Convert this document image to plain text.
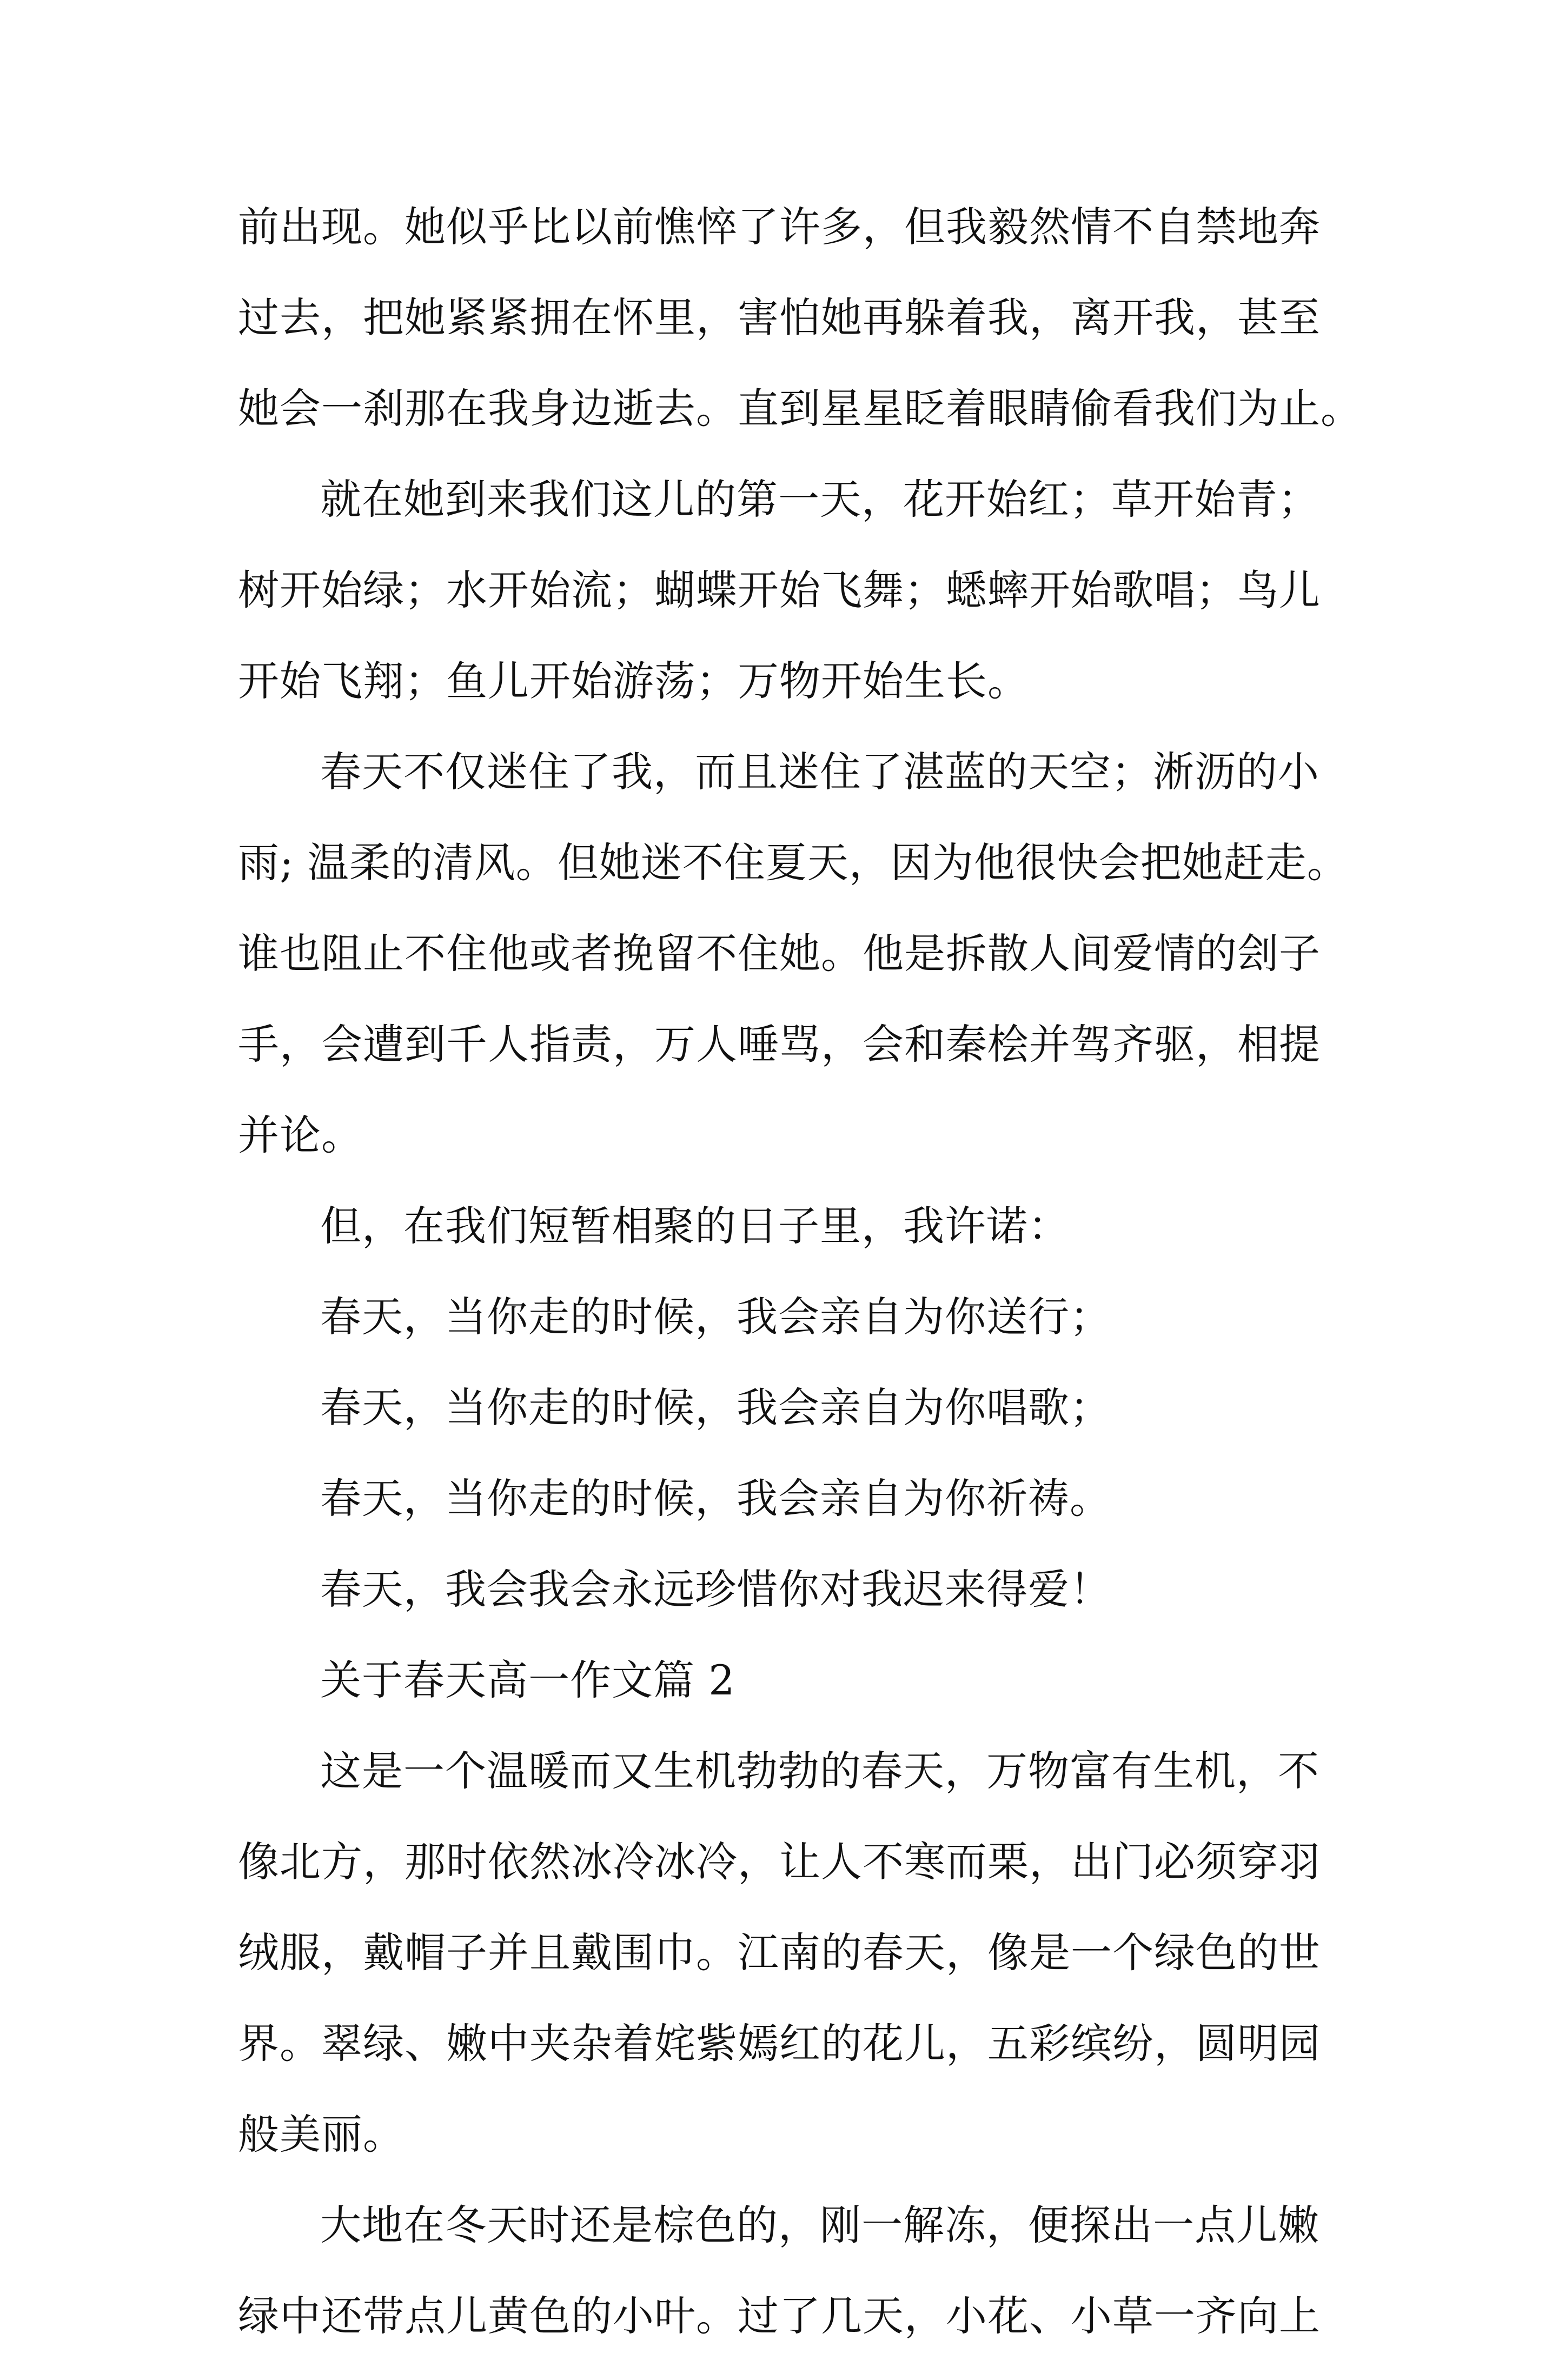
前出现。她似乎比以前憔悴了许多，但我毅然情不自禁地奔
过去，把她紧紧拥在怀里，害怕她再躲着我，离开我，甚至
她会一刹那在我身边逝去。直到星星眨着眼睛偷看我们为止。
就在她到来我们这儿的第一天，花开始红；草开始青；
树开始绿；水开始流；蝴蝶开始飞舞；蟋蟀开始歌唱；鸟儿
开始飞翔；鱼儿开始游荡；万物开始生长。
春天不仅迷住了我，而且迷住了湛蓝的天空；淅沥的小
雨; 温柔的清风。但她迷不住夏天，因为他很快会把她赶走。
谁也阻止不住他或者挽留不住她。他是拆散人间爱情的刽子
手，会遭到千人指责，万人唾骂，会和秦桧并驾齐驱，相提
并论。
但，在我们短暂相聚的日子里，我许诺：
春天，当你走的时候，我会亲自为你送行；
春天，当你走的时候，我会亲自为你唱歌；
春天，当你走的时候，我会亲自为你祈祷。
春天，我会我会永远珍惜你对我迟来得爱！
关于春天高一作文篇 2
这是一个温暖而又生机勃勃的春天，万物富有生机，不
像北方，那时依然冰冷冰冷，让人不寒而栗，出门必须穿羽
绒服，戴帽子并且戴围巾。江南的春天，像是一个绿色的世
界。翠绿、嫩中夹杂着姹紫嫣红的花儿，五彩缤纷，圆明园
般美丽。
大地在冬天时还是棕色的，刚一解冻，便探出一点儿嫩
绿中还带点儿黄色的小叶。过了几天，小花、小草一齐向上
